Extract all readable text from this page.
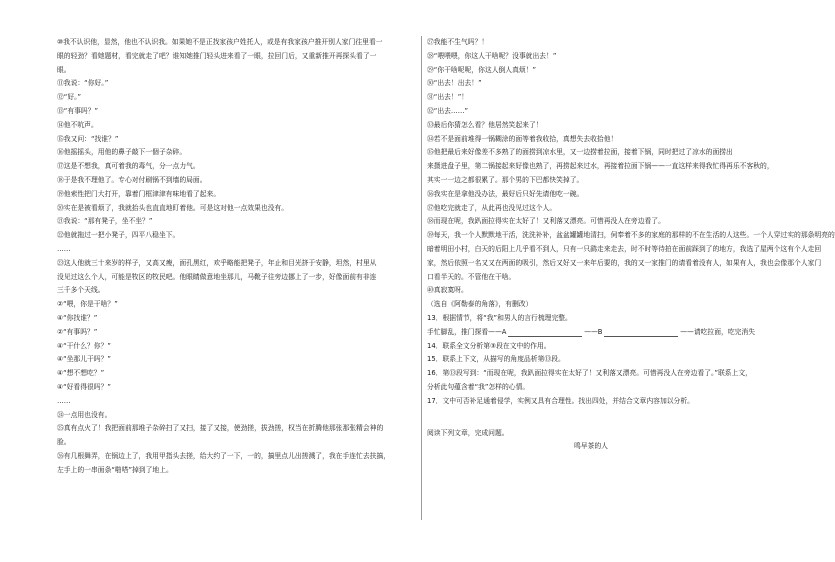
⑩我不认识他，显然，他也不认识我。如果她不是正找家孩户姓托人，或是有我家孩户推开别人家门往里看一
眼的轻劲？看她题材，看完就走了吧？谁知她推门轻头进来看了一眼，拉回门后，又重新推开再探头看了一
眼。
⑪我说：“你好。”
⑫“好。”
⑬“有事吗？”
⑭他不吭声。
⑮我又问：“找谁？”
⑯他摇摇头，用他的鼻子敲下一個子杂碎。
⑰这是不想我，真可着我的毒气，分一点力气。
⑱于是我不理他了。专心对付刷锅不到墙的局面。
⑲他索性把门大打开，靠着门框津津有味地看了起来。
⑳实在是被看烦了，我就抬头也直直地盯着他。可是这对他一点效果也没有。
㉑我说：“那有凳子，坐不坐？”
㉒他就拖过一把小凳子，四平八稳坐下。
……
㉓这人他就三十来岁的样子，又高又瘦，面孔黑红，欢乎略能把凳子，年止和目光挤于安静，坦然，村里从
没见过这么个人，可能是牧区的牧民吧。他眼睛做意地坐那儿，马靴子往旁边挪上了一步，好像面前有非连
三千多个天线。
②“喂，你是干啥？”
④“你找谁？”
②“有事吗？”
④“干什么？你？”
④“坐那儿干吗？”
④“想不想吃？”
④“好看得很吗？”
……
㉔一点用也没有。
㉕真有点火了！我把面前那堆子杂碎扫了又扫，接了又接，使劲搓，拔劲搓，权当在折腾他那张那张精会神的
脸。
㉖有几根舞弄，在锅边上了，我用甲指头去搓，给大约了一下，一的，搞里点儿出搓溅了，我在手连忙去扶搞，
左手上的一串面条“啪嗒”掉到了地上。
㉗我能不生气吗？！
㉘“喂喂喂，你这人干啥呢？没事就出去！”
㉙“你干啥呢呢，你这人倒人真烦！”
㉚“出去！出去！”
㉛“出去！”！
㉜“出去……”
㉝最后你猜怎么看？他居然笑起来了！
㉞若不是面前堆得一锅糊涂的面等着我收拾，真想失去收拾他！
㉟他把最后来好像差不多熟了的面捞到凉水里，又一边捞着拉面，接着下锅，同时把过了凉水的面捞出
来摄进盘子里，第二锅接起来好像也熟了，再捞起来过水，再接着拉面下锅——一直这样来得我忙得再乐不客秋的，
其实一一边之都很累了。那个男的下巴都快笑掉了。
㊱我实在是拿他没办法，最好后只好先请他吃一碗。
㊲他吃完就走了，从此再也没见过这个人。
㊳而现在呢，我趴面拉得实在太好了！又利落又漂亮。可惜再没人在旁边看了。
㊴每天，我一个人默默地干活，洗洗补补，盆盆罐罐地清扫，伺奉着不多的家庭的那样的不在生活的人这些。一个人穿过实的那条明亮的
暗着明田小村，白天的后阳上几乎看不到人，只有一只鹞走来走去，时不时等待拍在面前踩到了的地方，我选了屋两个这有个人走回
家，然后依照一名又又在两面的吸引，然后又好又一来年后要的，我的又一家推门的请看着没有人，如果有人，我也会像那个人家门
口看半天的。不管他在干啥。
㊵真寂寞呀。
（选自《阿勒泰的角落》，有删改）
13．根据情节，将“我”和男人的言行梳理完整。
手忙脚乱，推门探看——A	——B	——请吃拉面，吃完消失
14．联系全文分析第③段在文中的作用。
15．联系上下文，从描写的角度品析第⑬段。
16．第⑬段写到：“而现在呢，我趴面拉得实在太好了！又利落又漂亮。可惜再没人在旁边看了。”联系上文，
分析此句蕴含着“我”怎样的心情。
17．文中可否补足通着侵学，实例又具有合理性。找出四处，并结合文章内容加以分析。
阅读下列文章，完成问题。
鸣早茶的人
